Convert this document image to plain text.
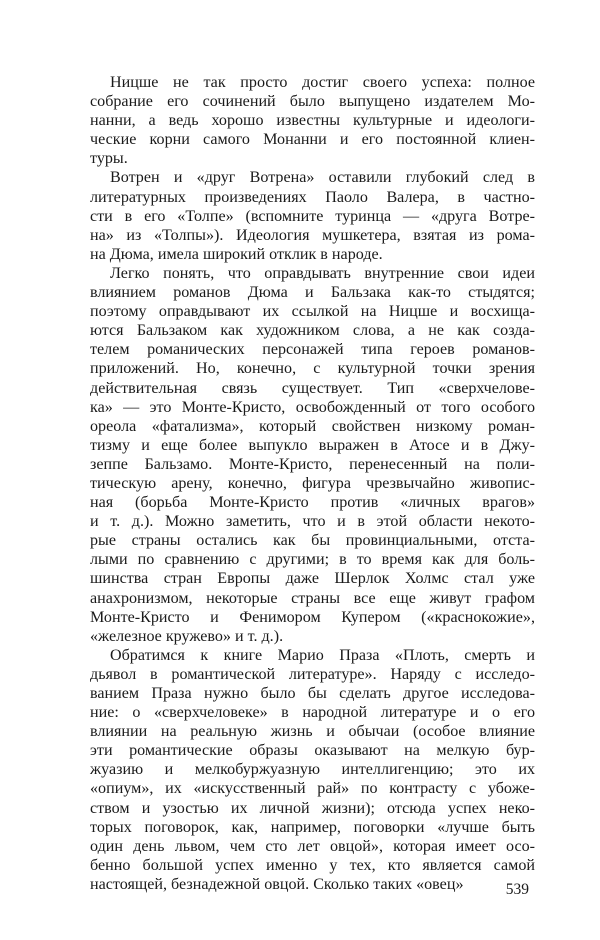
Ницше не так просто достиг своего успеха: полное
собрание его сочинений было выпущено издателем Мо-
нанни, а ведь хорошо известны культурные и идеологи-
ческие корни самого Монанни и его постоянной клиен-
туры.
Вотрен и «друг Вотрена» оставили глубокий след в
литературных произведениях Паоло Валера, в частно-
сти в его «Толпе» (вспомните туринца — «друга Вотре-
на» из «Толпы»). Идеология мушкетера, взятая из рома-
на Дюма, имела широкий отклик в народе.
Легко понять, что оправдывать внутренние свои идеи
влиянием романов Дюма и Бальзака как-то стыдятся;
поэтому оправдывают их ссылкой на Ницше и восхища-
ются Бальзаком как художником слова, а не как созда-
телем романических персонажей типа героев романов-
приложений. Но, конечно, с культурной точки зрения
действительная связь существует. Тип «сверхчелове-
ка» — это Монте-Кристо, освобожденный от того особого
ореола «фатализма», который свойствен низкому роман-
тизму и еще более выпукло выражен в Атосе и в Джу-
зеппе Бальзамо. Монте-Кристо, перенесенный на поли-
тическую арену, конечно, фигура чрезвычайно живопис-
ная (борьба Монте-Кристо против «личных врагов»
и т. д.). Можно заметить, что и в этой области некото-
рые страны остались как бы провинциальными, отста-
лыми по сравнению с другими; в то время как для боль-
шинства стран Европы даже Шерлок Холмс стал уже
анахронизмом, некоторые страны все еще живут графом
Монте-Кристо и Фенимором Купером («краснокожие»,
«железное кружево» и т. д.).
Обратимся к книге Марио Праза «Плоть, смерть и
дьявол в романтической литературе». Наряду с исследо-
ванием Праза нужно было бы сделать другое исследова-
ние: о «сверхчеловеке» в народной литературе и о его
влиянии на реальную жизнь и обычаи (особое влияние
эти романтические образы оказывают на мелкую бур-
жуазию и мелкобуржуазную интеллигенцию; это их
«опиум», их «искусственный рай» по контрасту с убоже-
ством и узостью их личной жизни); отсюда успех неко-
торых поговорок, как, например, поговорки «лучше быть
один день львом, чем сто лет овцой», которая имеет осо-
бенно большой успех именно у тех, кто является самой
настоящей, безнадежной овцой. Сколько таких «овец»	539
